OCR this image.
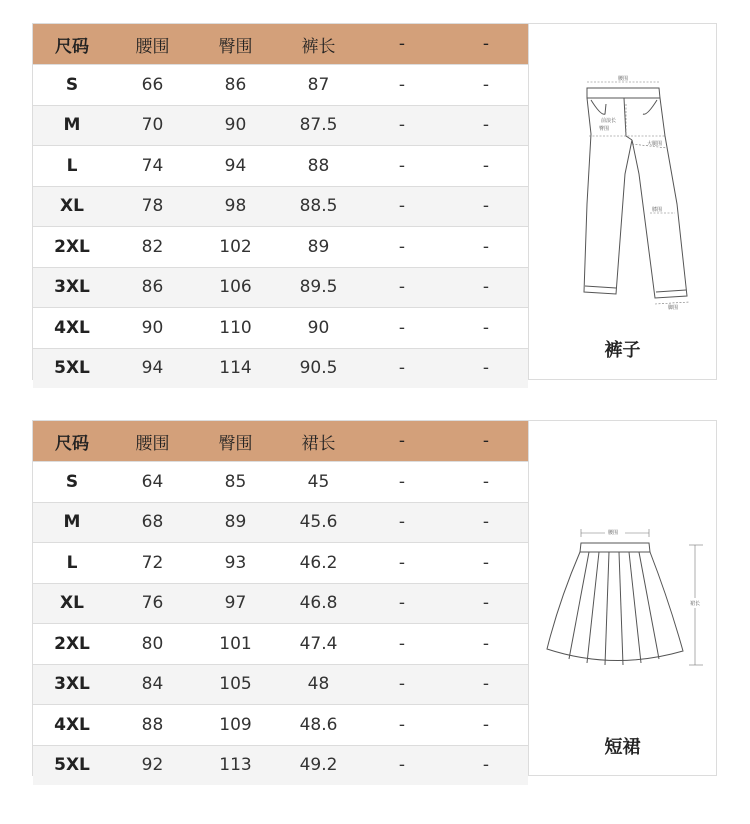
尺码	腰围	臀围	裤长	-	-
S	66	86	87	-	-
M	70	90	87.5	-	-
L	74	94	88	-	-
XL	78	98	88.5	-	-
2XL	82	102	89	-	-
3XL	86	106	89.5	-	-
4XL	90	110	90	-	-
5XL	94	114	90.5	-	-
腰围
前浪长
臀围
大腿围
膝围
脚围
裤子
尺码	腰围	臀围	裙长	-	-
S	64	85	45	-	-
M	68	89	45.6	-	-
L	72	93	46.2	-	-
XL	76	97	46.8	-	-
2XL	80	101	47.4	-	-
3XL	84	105	48	-	-
4XL	88	109	48.6	-	-
5XL	92	113	49.2	-	-
腰围
裙长
短裙
